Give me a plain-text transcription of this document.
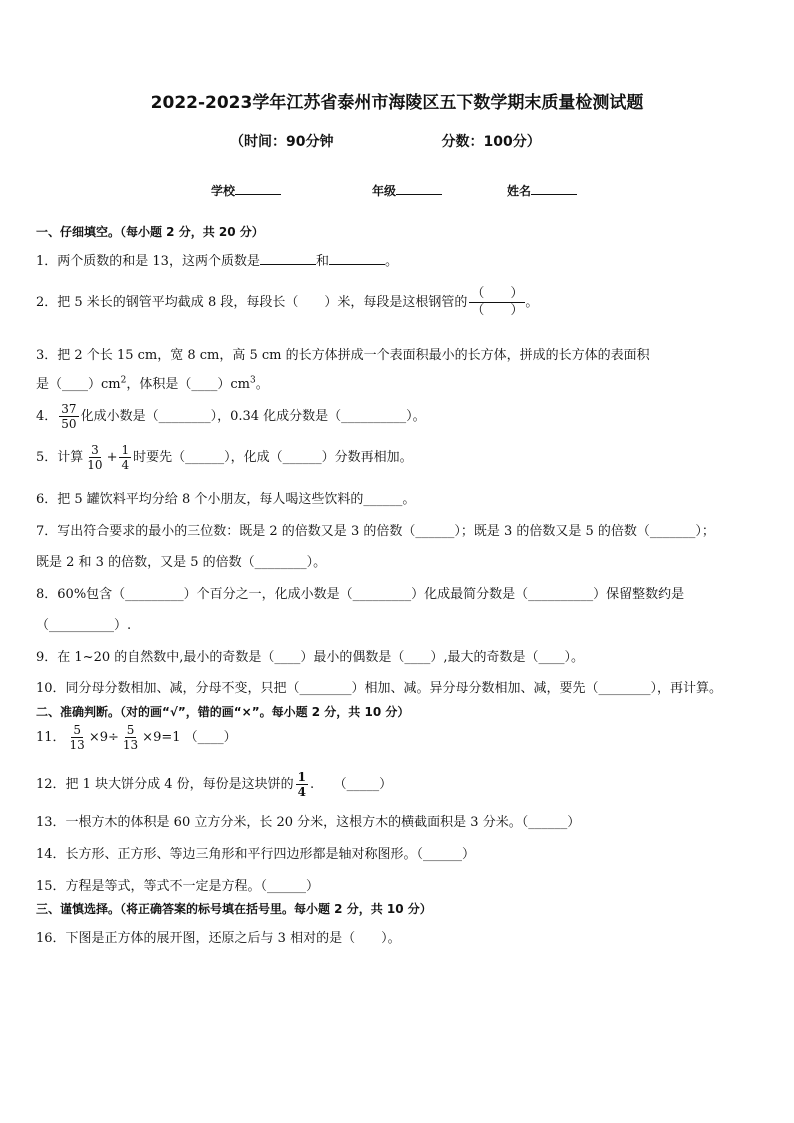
2022-2023学年江苏省泰州市海陵区五下数学期末质量检测试题
（时间：90分钟	分数：100分）
学校	年级	姓名
一、仔细填空。（每小题 2 分，共 20 分）
1．两个质数的和是 13，这两个质数是	和	。
2．把 5 米长的钢管平均截成 8 段，每段长（　　）米，每段是这根钢管的 $\frac{( )}{( )}$ 。
3．把 2 个长 15 cm，宽 8 cm，高 5 cm 的长方体拼成一个表面积最小的长方体，拼成的长方体的表面积
是$(\_\_\_\_)cm^2$，体积是$(\_\_\_\_)cm^3$。
4． $\frac{37}{50}$ 化成小数是（________），0.34 化成分数是（__________）。
5．计算 $\frac{3}{10} + \frac{1}{4}$ 时要先（______），化成（______）分数再相加。
6．把 5 罐饮料平均分给 8 个小朋友，每人喝这些饮料的______。
7．写出符合要求的最小的三位数：既是 2 的倍数又是 3 的倍数（______）；既是 3 的倍数又是 5 的倍数（_______）；
既是 2 和 3 的倍数，又是 5 的倍数（________）。
8．60%包含（_________）个百分之一，化成小数是（_________）化成最简分数是（__________）保留整数约是
（__________）.
9．在 1~20 的自然数中,最小的奇数是（____）最小的偶数是（____）,最大的奇数是（____）。
10．同分母分数相加、减，分母不变，只把（________）相加、减。异分母分数相加、减，要先（________），再计算。
二、准确判断。（对的画“√”，错的画“×”。每小题 2 分，共 10 分）
11． $\frac{5}{13} \times 9\div \frac{5}{13} \times 9=1$ （____）
12．把 1 块大饼分成 4 份，每份是这块饼的 $\frac{1}{4}$ .　　（_____）
13．一根方木的体积是 60 立方分米，长 20 分米，这根方木的横截面积是 3 分米。（______）
14．长方形、正方形、等边三角形和平行四边形都是轴对称图形。（______）
15．方程是等式，等式不一定是方程。（______）
三、谨慎选择。（将正确答案的标号填在括号里。每小题 2 分，共 10 分）
16．下图是正方体的展开图，还原之后与 3 相对的是（　　）。
